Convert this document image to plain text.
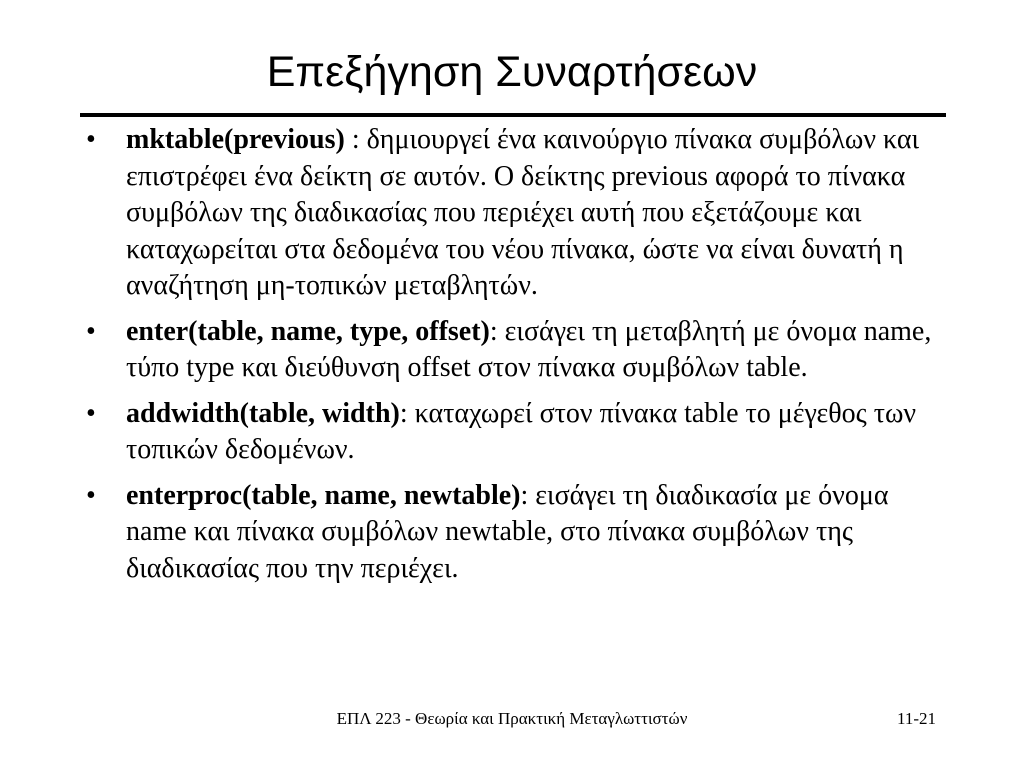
Επεξήγηση Συναρτήσεων
• mktable(previous) : δημιουργεί ένα καινούργιο πίνακα συμβόλων και επιστρέφει ένα δείκτη σε αυτόν. Ο δείκτης previous αφορά το πίνακα συμβόλων της διαδικασίας που περιέχει αυτή που εξετάζουμε και καταχωρείται στα δεδομένα του νέου πίνακα, ώστε να είναι δυνατή η αναζήτηση μη-τοπικών μεταβλητών.
• enter(table, name, type, offset): εισάγει τη μεταβλητή με όνομα name, τύπο type και διεύθυνση offset στον πίνακα συμβόλων table.
• addwidth(table, width): καταχωρεί στον πίνακα table το μέγεθος των τοπικών δεδομένων.
• enterproc(table, name, newtable): εισάγει τη διαδικασία με όνομα name και πίνακα συμβόλων newtable, στο πίνακα συμβόλων της διαδικασίας που την περιέχει.
ΕΠΛ 223 - Θεωρία και Πρακτική Μεταγλωττιστών	11-21
